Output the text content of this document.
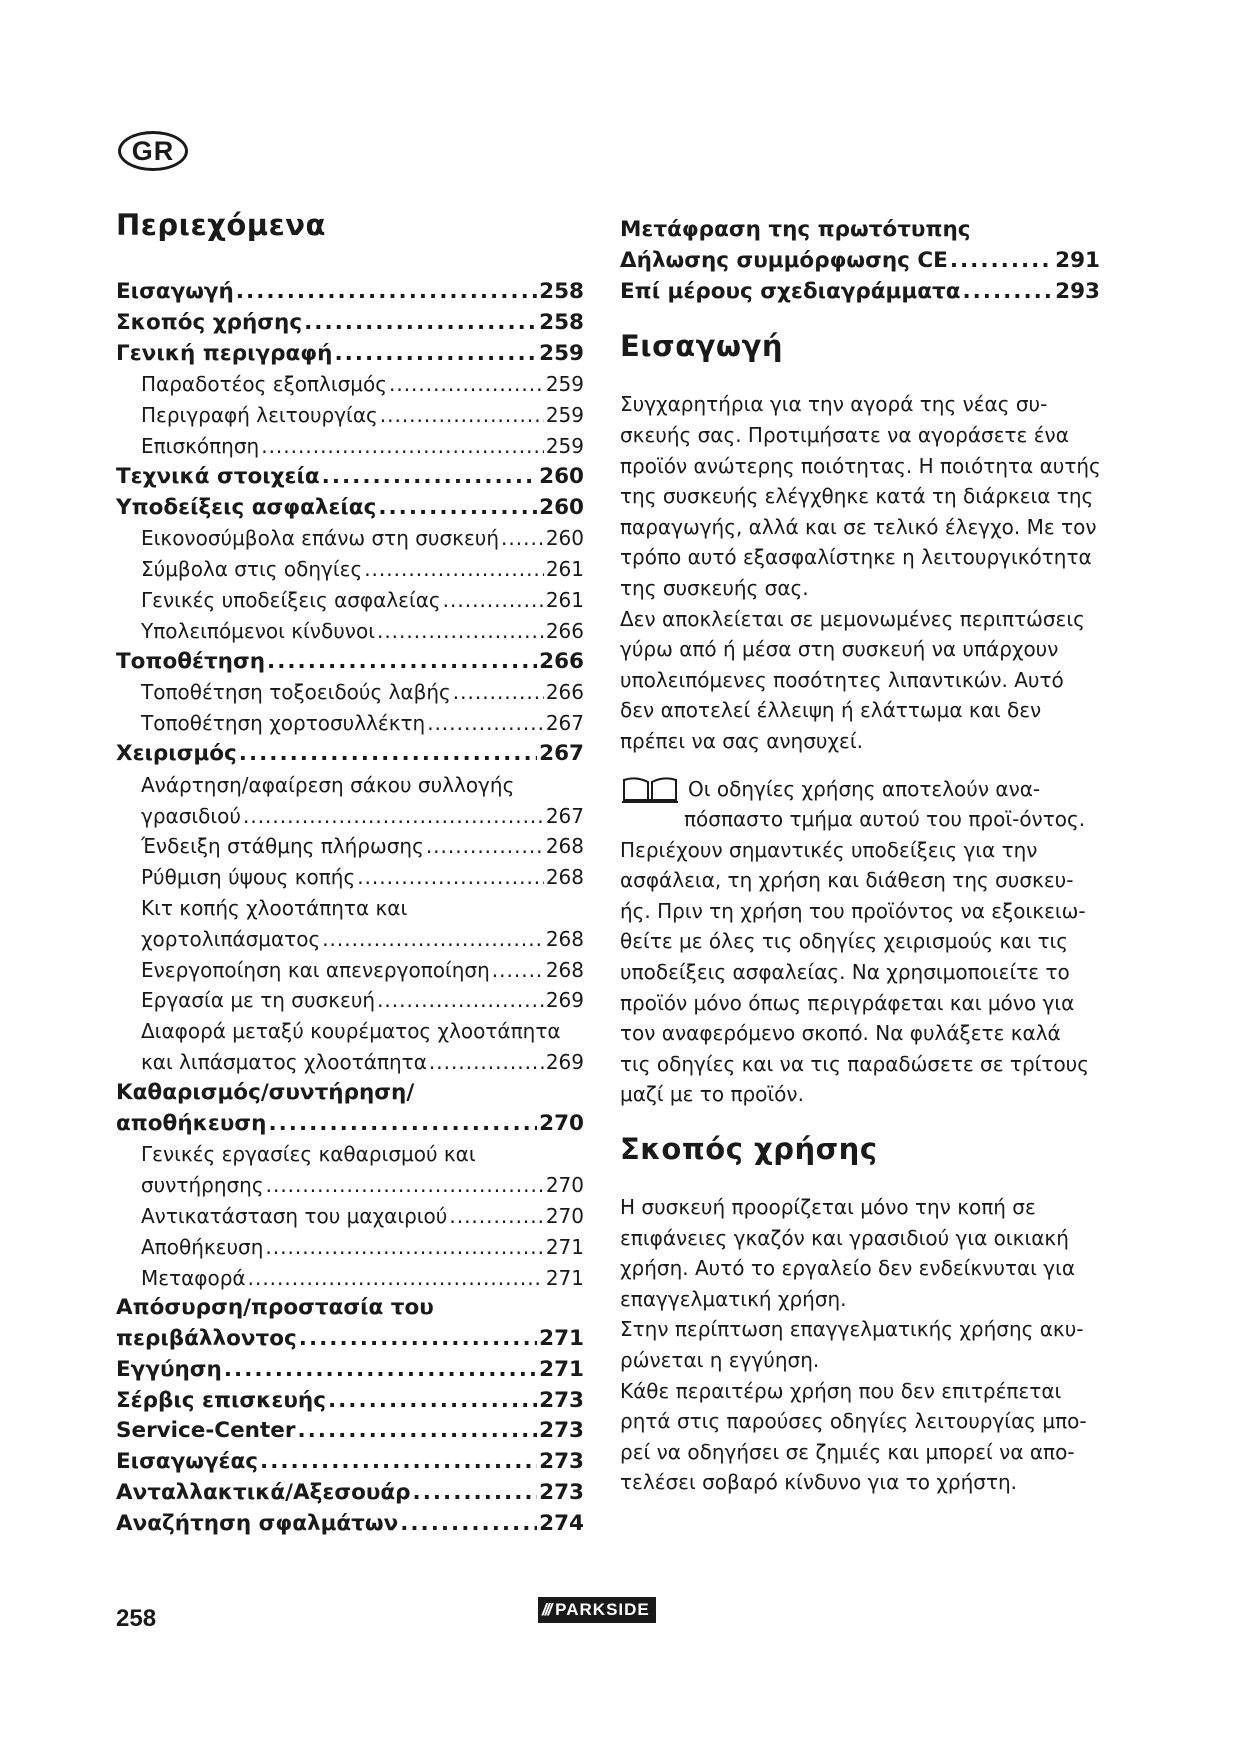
GR
Περιεχόμενα
Εισαγωγή .....	258
Σκοπός χρήσης .....	258
Γενική περιγραφή .....	259
Παραδοτέος εξοπλισμός .....	259
Περιγραφή λειτουργίας .....	259
Επισκόπηση .....	259
Τεχνικά στοιχεία .....	260
Υποδείξεις ασφαλείας .....	260
Εικονοσύμβολα επάνω στη συσκευή ..... 260
Σύμβολα στις οδηγίες .....	261
Γενικές υποδείξεις ασφαλείας .....	261
Υπολειπόμενοι κίνδυνοι .....	266
Τοποθέτηση .....	266
Τοποθέτηση τοξοειδούς λαβής .....	266
Τοποθέτηση χορτοσυλλέκτη .....	267
Χειρισμός .....	267
Ανάρτηση/αφαίρεση σάκου συλλογής
γρασιδιού .....	267
Ένδειξη στάθμης πλήρωσης .....	268
Ρύθμιση ύψους κοπής .....	268
Κιτ κοπής χλοοτάπητα και
χορτολιπάσματος .....	268
Ενεργοποίηση και απενεργοποίηση .....	268
Εργασία με τη συσκευή .....	269
Διαφορά μεταξύ κουρέματος χλοοτάπητα
και λιπάσματος χλοοτάπητα .....	269
Καθαρισμός/συντήρηση/
αποθήκευση .....	270
Γενικές εργασίες καθαρισμού και
συντήρησης .....	270
Αντικατάσταση του μαχαιριού .....	270
Αποθήκευση .....	271
Μεταφορά .....	271
Απόσυρση/προστασία του
περιβάλλοντος .....	271
Εγγύηση .....	271
Σέρβις επισκευής .....	273
Service-Center .....	273
Εισαγωγέας .....	273
Ανταλλακτικά/Αξεσουάρ .....	273
Αναζήτηση σφαλμάτων .....	274
Μετάφραση της πρωτότυπης
Δήλωσης συμμόρφωσης CE .....	291
Επί μέρους σχεδιαγράμματα .....	293
Εισαγωγή

Συγχαρητήρια για την αγορά της νέας συ-

σκευής σας. Προτιμήσατε να αγοράσετε ένα

προϊόν ανώτερης ποιότητας. Η ποιότητα αυτής

της συσκευής ελέγχθηκε κατά τη διάρκεια της

παραγωγής, αλλά και σε τελικό έλεγχο. Με τον

τρόπο αυτό εξασφαλίστηκε η λειτουργικότητα

της συσκευής σας.

Δεν αποκλείεται σε μεμονωμένες περιπτώσεις

γύρω από ή μέσα στη συσκευή να υπάρχουν

υπολειπόμενες ποσότητες λιπαντικών. Αυτό

δεν αποτελεί έλλειψη ή ελάττωμα και δεν

πρέπει να σας ανησυχεί.

Οι οδηγίες χρήσης αποτελούν ανα-

πόσπαστο τμήμα αυτού του προϊ-όντος.

Περιέχουν σημαντικές υποδείξεις για την

ασφάλεια, τη χρήση και διάθεση της συσκευ-

ής. Πριν τη χρήση του προϊόντος να εξοικειω-

θείτε με όλες τις οδηγίες χειρισμούς και τις

υποδείξεις ασφαλείας. Να χρησιμοποιείτε το

προϊόν μόνο όπως περιγράφεται και μόνο για

τον αναφερόμενο σκοπό. Να φυλάξετε καλά

τις οδηγίες και να τις παραδώσετε σε τρίτους

μαζί με το προϊόν.

Σκοπός χρήσης

Η συσκευή προορίζεται μόνο την κοπή σε

επιφάνειες γκαζόν και γρασιδιού για οικιακή

χρήση. Αυτό το εργαλείο δεν ενδείκνυται για

επαγγελματική χρήση.

Στην περίπτωση επαγγελματικής χρήσης ακυ-

ρώνεται η εγγύηση.

Κάθε περαιτέρω χρήση που δεν επιτρέπεται

ρητά στις παρούσες οδηγίες λειτουργίας μπο-

ρεί να οδηγήσει σε ζημιές και μπορεί να απο-

τελέσει σοβαρό κίνδυνο για το χρήστη.

258	/// PARKSIDE
